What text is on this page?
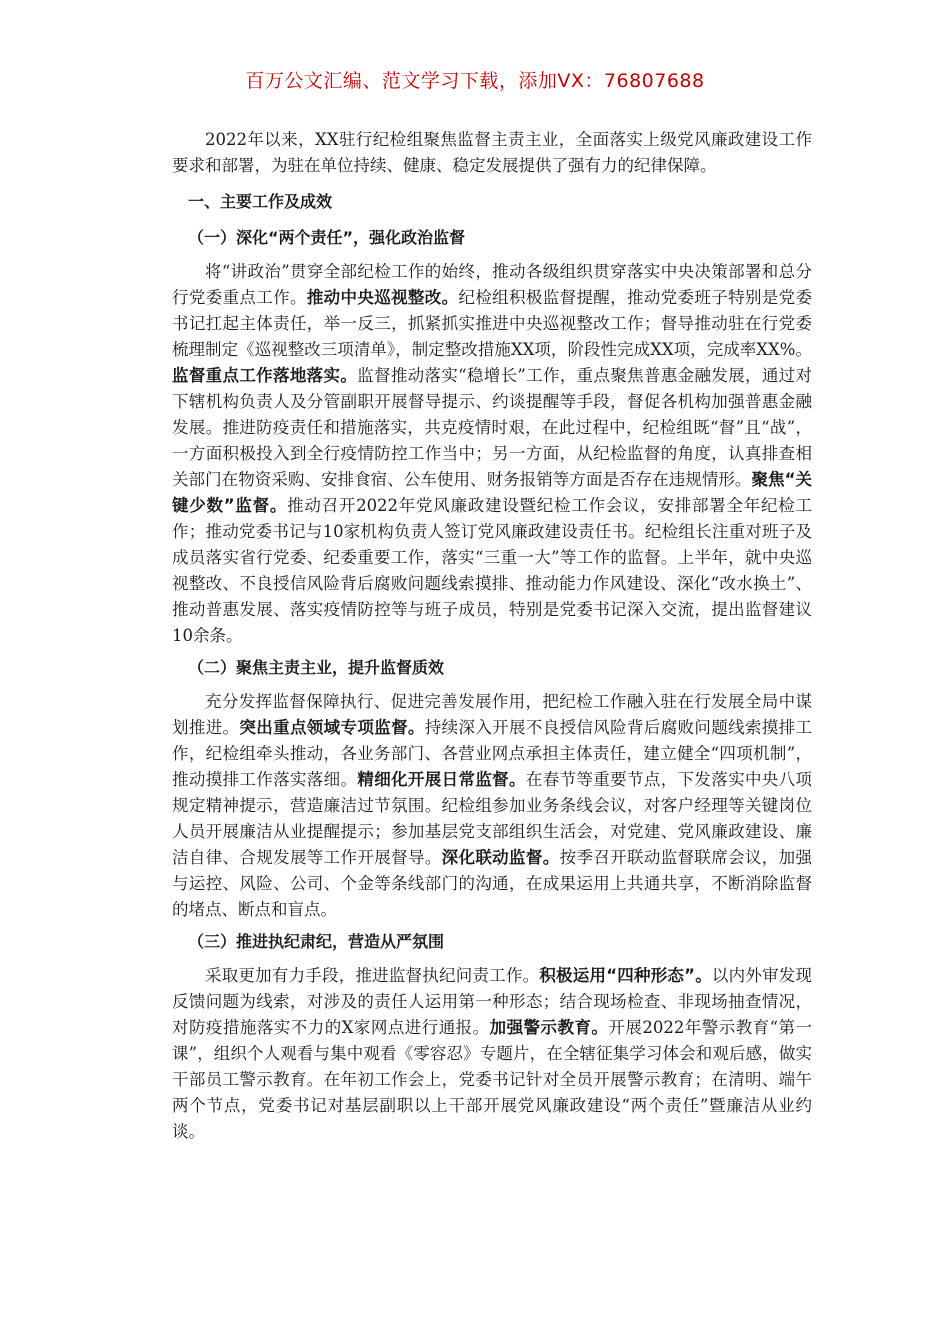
百万公文汇编、范文学习下载，添加VX：76807688

2022年以来，XX驻行纪检组聚焦监督主责主业，全面落实上级党风廉政建设工作要求和部署，为驻在单位持续、健康、稳定发展提供了强有力的纪律保障。

一、主要工作及成效
（一）深化“两个责任”，强化政治监督

将“讲政治”贯穿全部纪检工作的始终，推动各级组织贯穿落实中央决策部署和总分行党委重点工作。推动中央巡视整改。纪检组积极监督提醒，推动党委班子特别是党委书记扛起主体责任，举一反三，抓紧抓实推进中央巡视整改工作；督导推动驻在行党委梳理制定《巡视整改三项清单》，制定整改措施XX项，阶段性完成XX项，完成率XX%。监督重点工作落地落实。监督推动落实“稳增长”工作，重点聚焦普惠金融发展，通过对下辖机构负责人及分管副职开展督导提示、约谈提醒等手段，督促各机构加强普惠金融发展。推进防疫责任和措施落实，共克疫情时艰，在此过程中，纪检组既“督”且“战”，一方面积极投入到全行疫情防控工作当中；另一方面，从纪检监督的角度，认真排查相关部门在物资采购、安排食宿、公车使用、财务报销等方面是否存在违规情形。聚焦“关键少数”监督。推动召开2022年党风廉政建设暨纪检工作会议，安排部署全年纪检工作；推动党委书记与10家机构负责人签订党风廉政建设责任书。纪检组长注重对班子及成员落实省行党委、纪委重要工作，落实“三重一大”等工作的监督。上半年，就中央巡视整改、不良授信风险背后腐败问题线索摸排、推动能力作风建设、深化“改水换土”、推动普惠发展、落实疫情防控等与班子成员，特别是党委书记深入交流，提出监督建议10余条。

（二）聚焦主责主业，提升监督质效

充分发挥监督保障执行、促进完善发展作用，把纪检工作融入驻在行发展全局中谋划推进。突出重点领域专项监督。持续深入开展不良授信风险背后腐败问题线索摸排工作，纪检组牵头推动，各业务部门、各营业网点承担主体责任，建立健全“四项机制”，推动摸排工作落实落细。精细化开展日常监督。在春节等重要节点，下发落实中央八项规定精神提示，营造廉洁过节氛围。纪检组参加业务条线会议，对客户经理等关键岗位人员开展廉洁从业提醒提示；参加基层党支部组织生活会，对党建、党风廉政建设、廉洁自律、合规发展等工作开展督导。深化联动监督。按季召开联动监督联席会议，加强与运控、风险、公司、个金等条线部门的沟通，在成果运用上共通共享，不断消除监督的堵点、断点和盲点。

（三）推进执纪肃纪，营造从严氛围

采取更加有力手段，推进监督执纪问责工作。积极运用“四种形态”。以内外审发现反馈问题为线索，对涉及的责任人运用第一种形态；结合现场检查、非现场抽查情况，对防疫措施落实不力的X家网点进行通报。加强警示教育。开展2022年警示教育“第一课”，组织个人观看与集中观看《零容忍》专题片，在全辖征集学习体会和观后感，做实干部员工警示教育。在年初工作会上，党委书记针对全员开展警示教育；在清明、端午两个节点，党委书记对基层副职以上干部开展党风廉政建设“两个责任”暨廉洁从业约谈。
